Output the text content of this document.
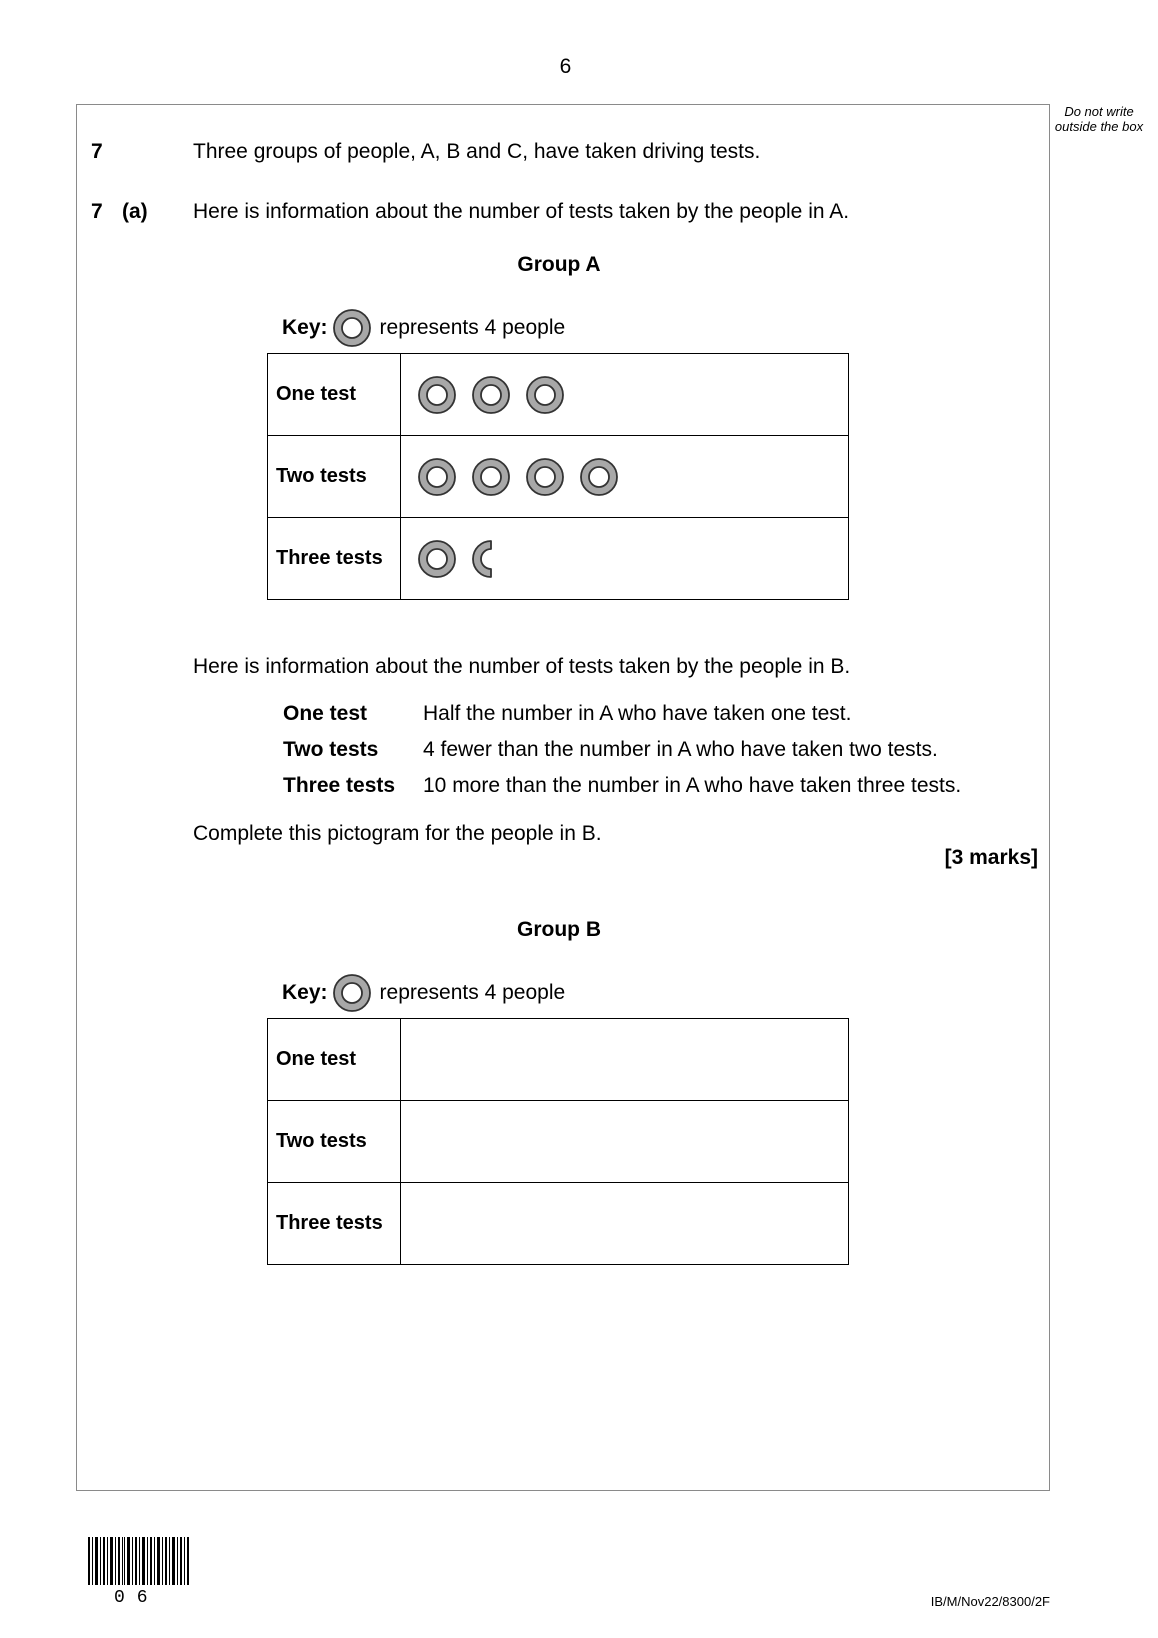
6
Do not write outside the box
7	Three groups of people, A, B and C, have taken driving tests.
7 (a) Here is information about the number of tests taken by the people in A.
Group A
Key: represents 4 people
One test	

Two tests	

Three tests	
Here is information about the number of tests taken by the people in B.
One test	Half the number in A who have taken one test.
Two tests 4 fewer than the number in A who have taken two tests.
Three tests 10 more than the number in A who have taken three tests.
Complete this pictogram for the people in B.
[3 marks]
Group B
Key: represents 4 people
One test	
Two tests	
Three tests	
06	IB/M/Nov22/8300/2F
